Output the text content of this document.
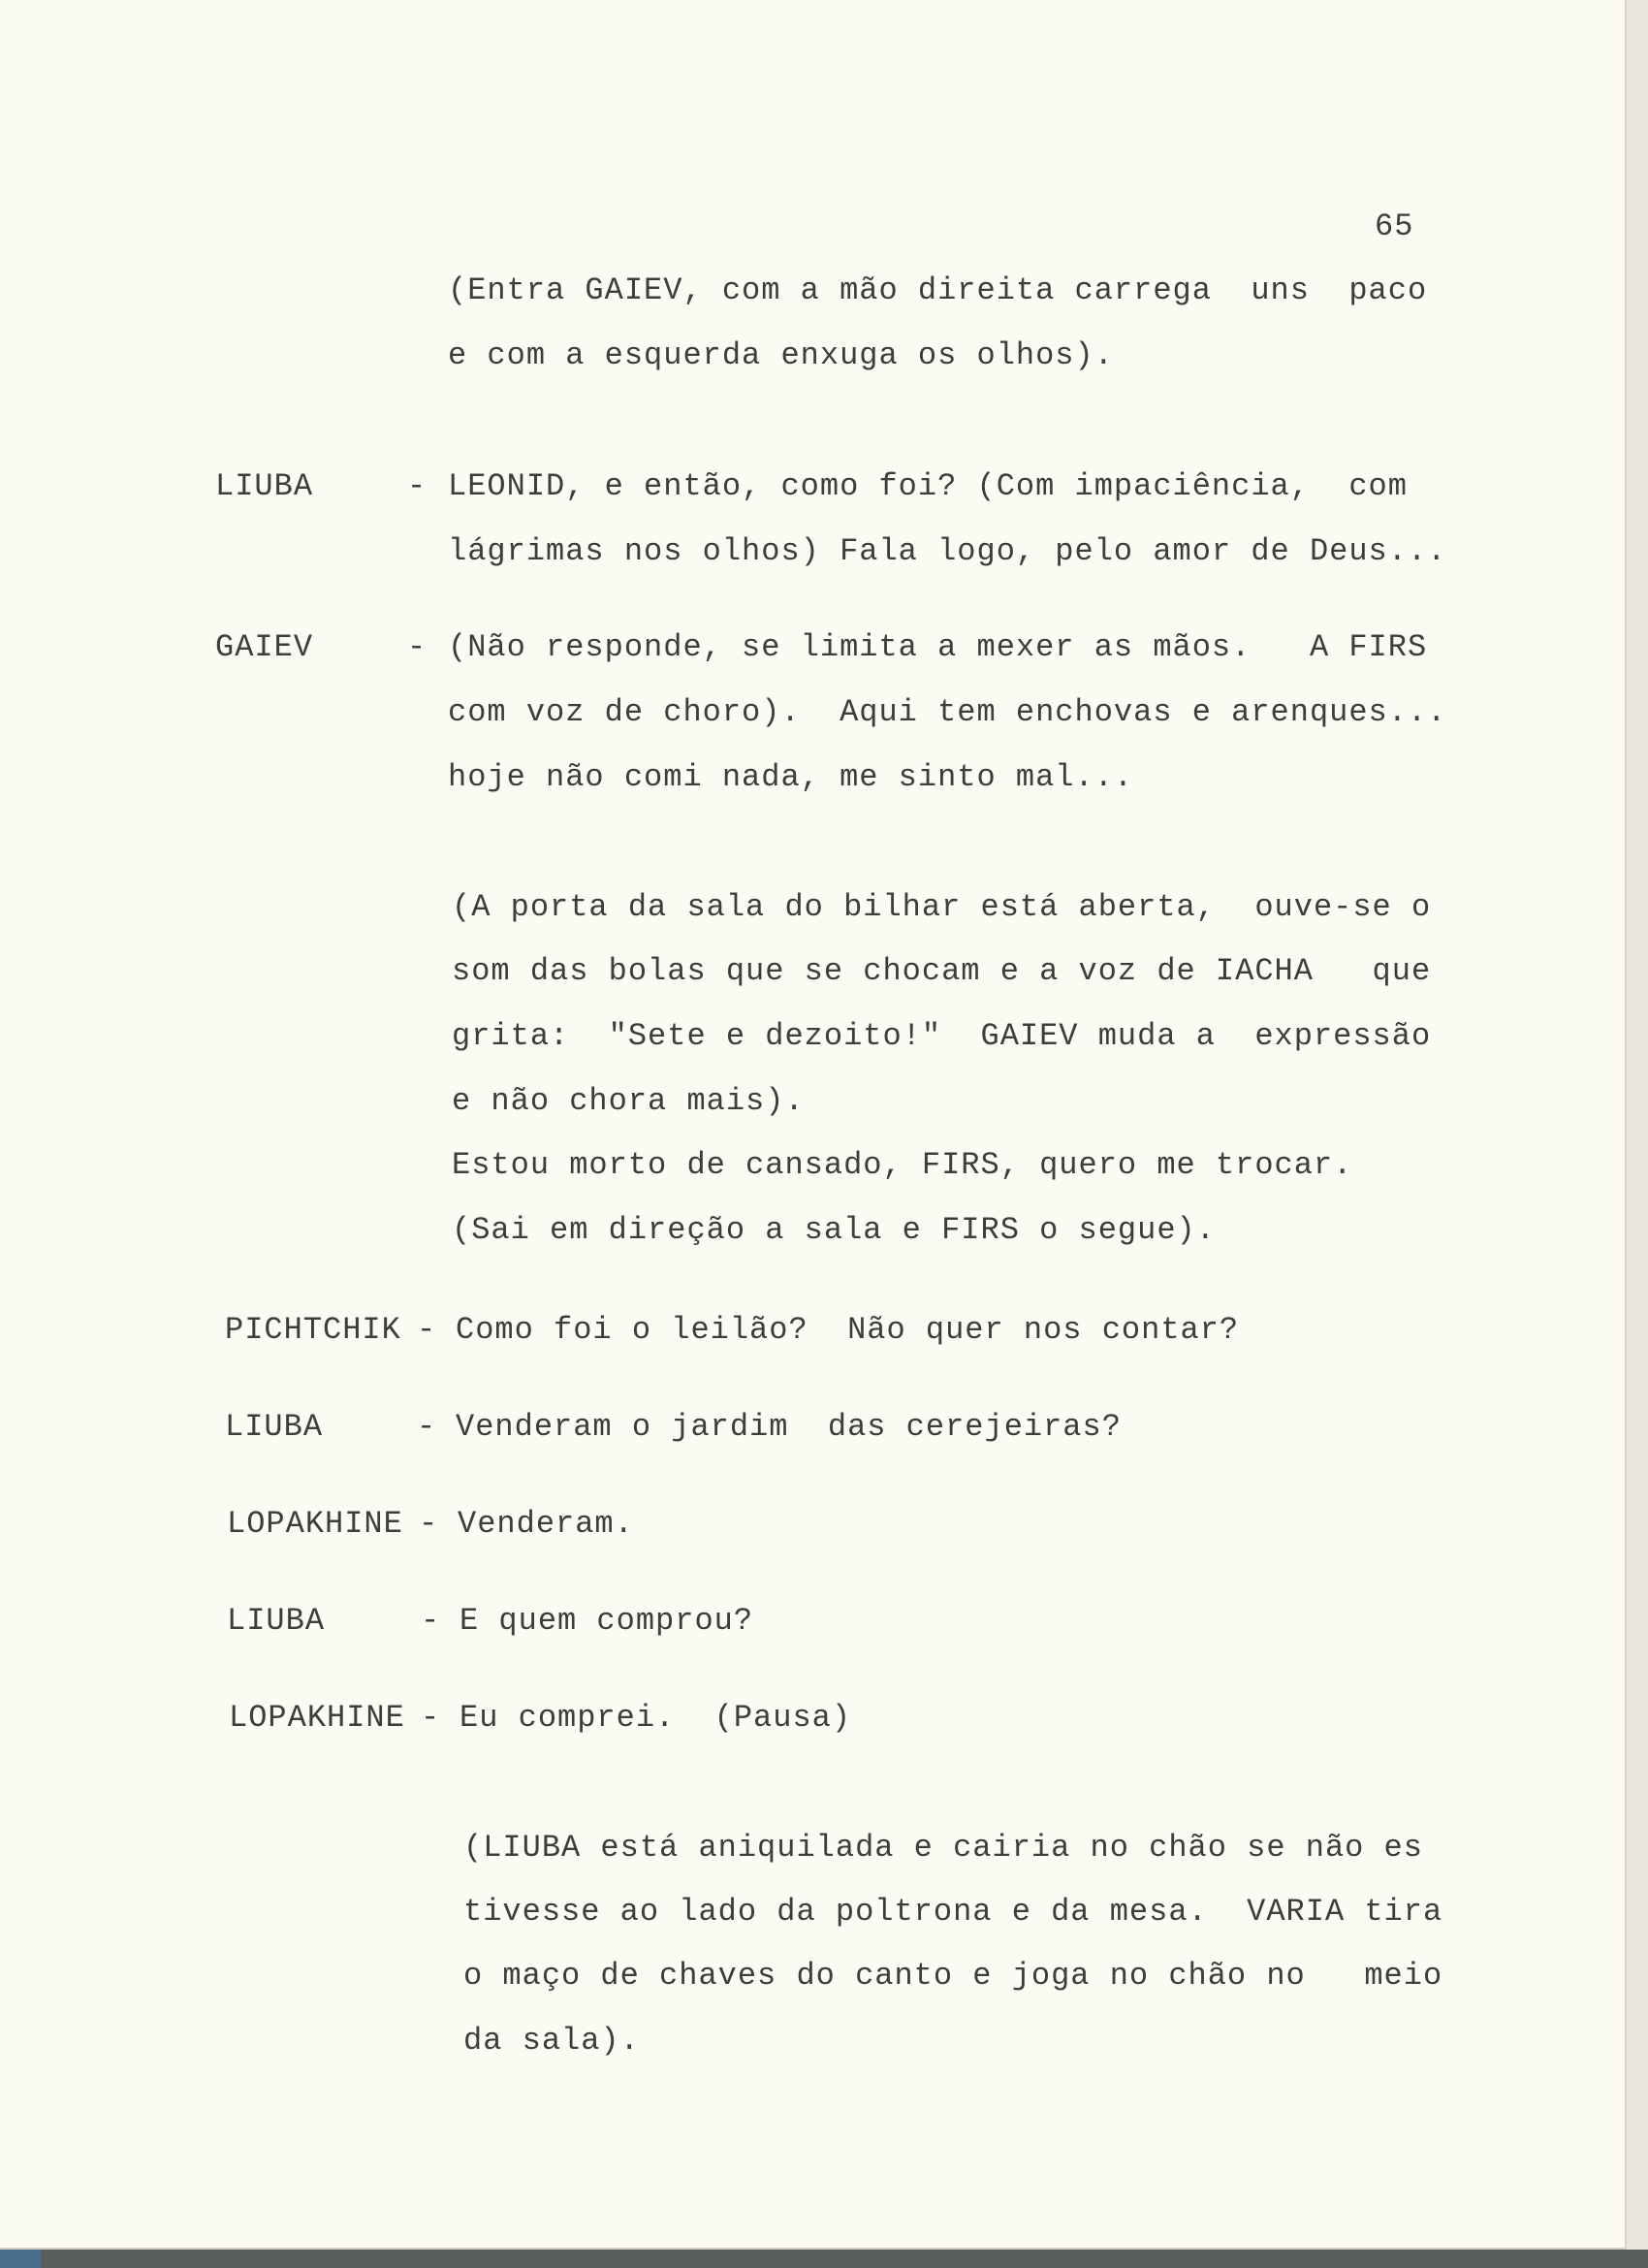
65
(Entra GAIEV, com a mão direita carrega  uns  paco
e com a esquerda enxuga os olhos).
LIUBA	- LEONID, e então, como foi? (Com impaciência,  com
lágrimas nos olhos) Fala logo, pelo amor de Deus...
GAIEV	- (Não responde, se limita a mexer as mãos.   A FIRS
com voz de choro).  Aqui tem enchovas e arenques...
hoje não comi nada, me sinto mal...
(A porta da sala do bilhar está aberta,  ouve-se o
som das bolas que se chocam e a voz de IACHA   que
grita:  "Sete e dezoito!"  GAIEV muda a  expressão
e não chora mais).
Estou morto de cansado, FIRS, quero me trocar.
(Sai em direção a sala e FIRS o segue).
PICHTCHIK - Como foi o leilão?  Não quer nos contar?
LIUBA	- Venderam o jardim  das cerejeiras?
LOPAKHINE - Venderam.
LIUBA	- E quem comprou?
LOPAKHINE - Eu comprei.  (Pausa)
(LIUBA está aniquilada e cairia no chão se não es
tivesse ao lado da poltrona e da mesa.  VARIA tira
o maço de chaves do canto e joga no chão no   meio
da sala).
